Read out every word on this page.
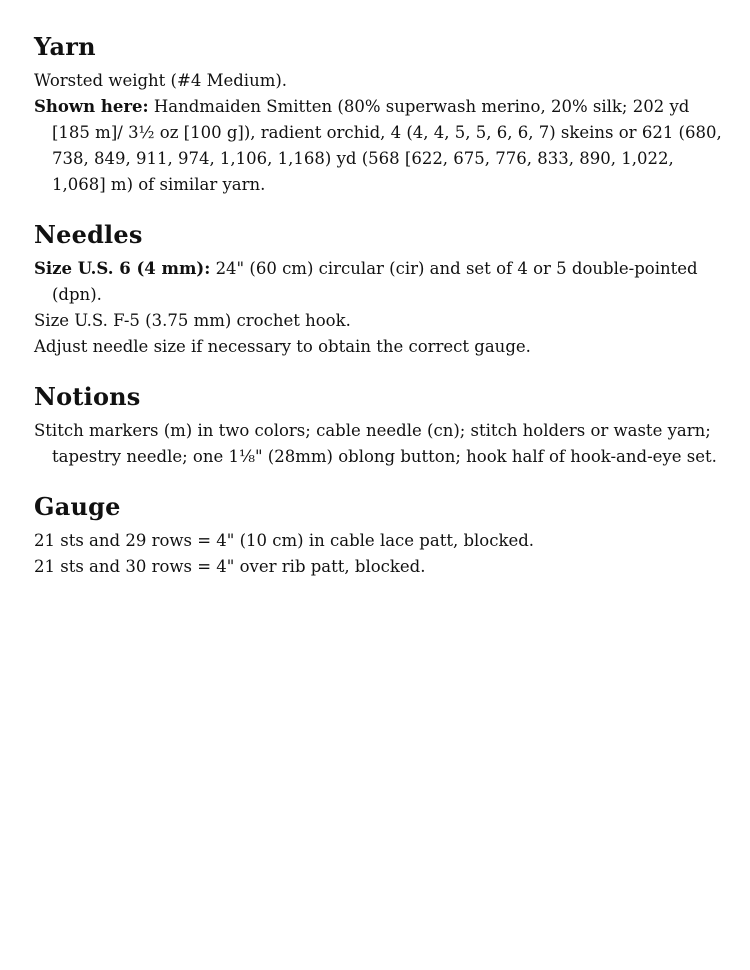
Yarn

Worsted weight (#4 Medium).

Shown here: Handmaiden Smitten (80% superwash merino, 20% silk; 202 yd [185 m]/ 3½ oz [100 g]), radient orchid, 4 (4, 4, 5, 5, 6, 6, 7) skeins or 621 (680, 738, 849, 911, 974, 1,106, 1,168) yd (568 [622, 675, 776, 833, 890, 1,022, 1,068] m) of similar yarn.

Needles

Size U.S. 6 (4 mm): 24" (60 cm) circular (cir) and set of 4 or 5 double-pointed (dpn).

Size U.S. F-5 (3.75 mm) crochet hook.

Adjust needle size if necessary to obtain the correct gauge.

Notions

Stitch markers (m) in two colors; cable needle (cn); stitch holders or waste yarn; tapestry needle; one 1⅛" (28mm) oblong button; hook half of hook-and-eye set.

Gauge

21 sts and 29 rows = 4" (10 cm) in cable lace patt, blocked.

21 sts and 30 rows = 4" over rib patt, blocked.
